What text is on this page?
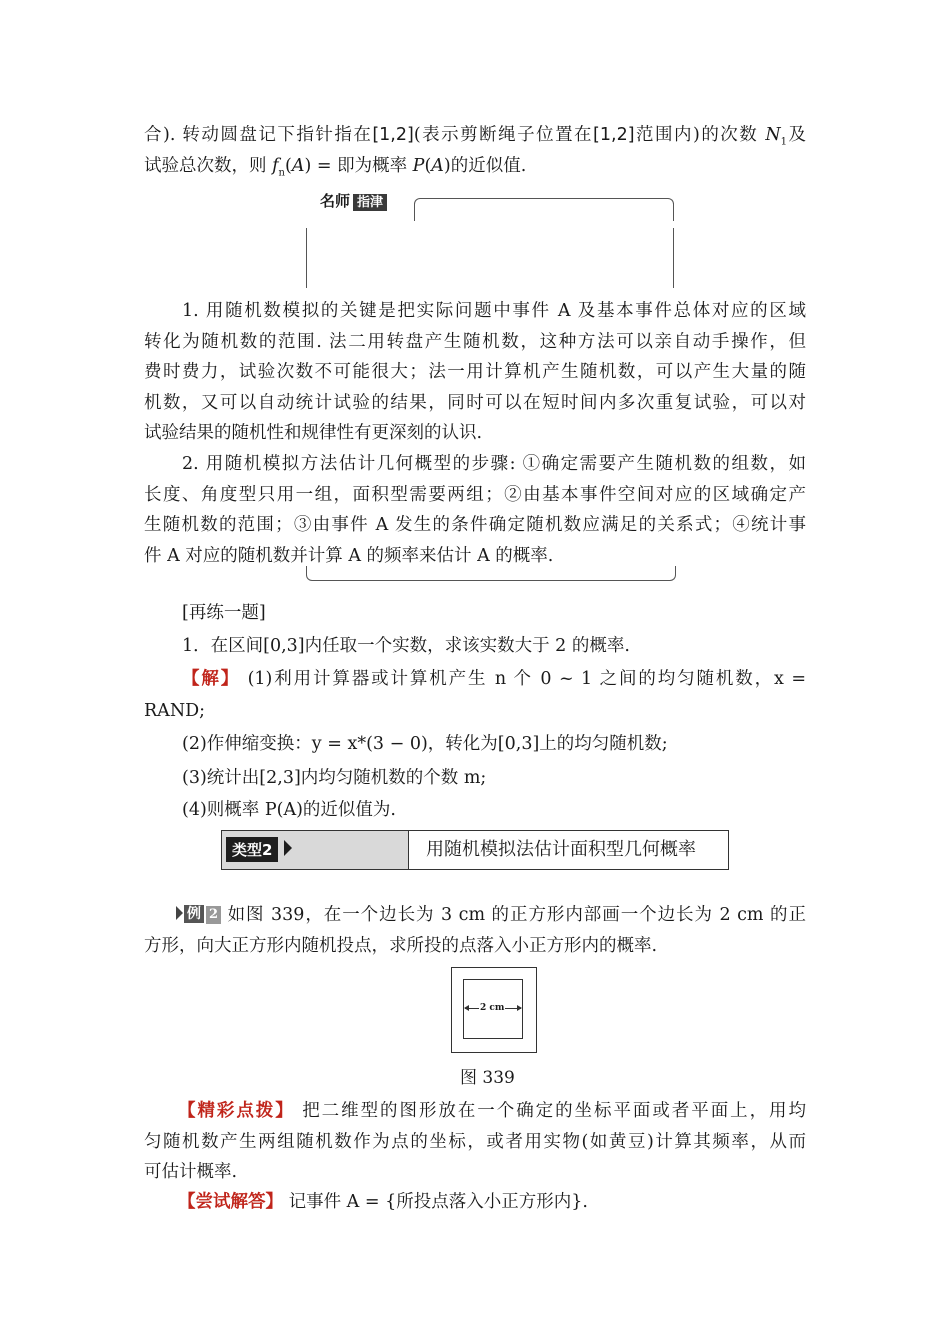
合). 转动圆盘记下指针指在[1,2](表示剪断绳子位置在[1,2]范围内)的次数 $N_1$及
试验总次数，则 $f_n(A)$ = 即为概率 P(A)的近似值.
名师 指津
1. 用随机数模拟的关键是把实际问题中事件 A 及基本事件总体对应的区域
转化为随机数的范围. 法二用转盘产生随机数，这种方法可以亲自动手操作，但
费时费力，试验次数不可能很大；法一用计算机产生随机数，可以产生大量的随
机数，又可以自动统计试验的结果，同时可以在短时间内多次重复试验，可以对
试验结果的随机性和规律性有更深刻的认识.
2. 用随机模拟方法估计几何概型的步骤: ①确定需要产生随机数的组数，如
长度、角度型只用一组，面积型需要两组；②由基本事件空间对应的区域确定产
生随机数的范围；③由事件 A 发生的条件确定随机数应满足的关系式；④统计事
件 A 对应的随机数并计算 A 的频率来估计 A 的概率.
[再练一题]
1．在区间[0,3]内任取一个实数，求该实数大于 2 的概率.
【解】 (1)利用计算器或计算机产生 n 个 0 ~ 1 之间的均匀随机数，x =
RAND;
(2)作伸缩变换：y = x*(3 − 0)，转化为[0,3]上的均匀随机数;
(3)统计出[2,3]内均匀随机数的个数 m;
(4)则概率 P(A)的近似值为.
类型2	用随机模拟法估计面积型几何概率
例 2 如图 339，在一个边长为 3 cm 的正方形内部画一个边长为 2 cm 的正
方形，向大正方形内随机投点，求所投的点落入小正方形内的概率.
2 cm
图 339
【精彩点拨】 把二维型的图形放在一个确定的坐标平面或者平面上，用均
匀随机数产生两组随机数作为点的坐标，或者用实物(如黄豆)计算其频率，从而
可估计概率.
【尝试解答】 记事件 A = {所投点落入小正方形内}.
